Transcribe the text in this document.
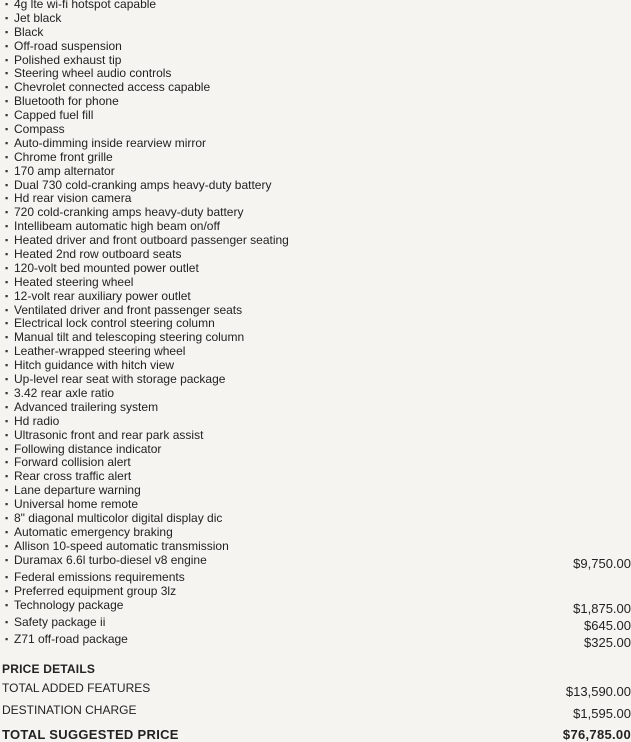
▪ 4g lte wi-fi hotspot capable
▪ Jet black
▪ Black
▪ Off-road suspension
▪ Polished exhaust tip
▪ Steering wheel audio controls
▪ Chevrolet connected access capable
▪ Bluetooth for phone
▪ Capped fuel fill
▪ Compass
▪ Auto-dimming inside rearview mirror
▪ Chrome front grille
▪ 170 amp alternator
▪ Dual 730 cold-cranking amps heavy-duty battery
▪ Hd rear vision camera
▪ 720 cold-cranking amps heavy-duty battery
▪ Intellibeam automatic high beam on/off
▪ Heated driver and front outboard passenger seating
▪ Heated 2nd row outboard seats
▪ 120-volt bed mounted power outlet
▪ Heated steering wheel
▪ 12-volt rear auxiliary power outlet
▪ Ventilated driver and front passenger seats
▪ Electrical lock control steering column
▪ Manual tilt and telescoping steering column
▪ Leather-wrapped steering wheel
▪ Hitch guidance with hitch view
▪ Up-level rear seat with storage package
▪ 3.42 rear axle ratio
▪ Advanced trailering system
▪ Hd radio
▪ Ultrasonic front and rear park assist
▪ Following distance indicator
▪ Forward collision alert
▪ Rear cross traffic alert
▪ Lane departure warning
▪ Universal home remote
▪ 8" diagonal multicolor digital display dic
▪ Automatic emergency braking
▪ Allison 10-speed automatic transmission
▪ Duramax 6.6l turbo-diesel v8 engine	$9,750.00
▪ Federal emissions requirements
▪ Preferred equipment group 3lz
▪ Technology package	$1,875.00
▪ Safety package ii	$645.00
▪ Z71 off-road package	$325.00
PRICE DETAILS
TOTAL ADDED FEATURES	$13,590.00
DESTINATION CHARGE	$1,595.00
TOTAL SUGGESTED PRICE	$76,785.00
